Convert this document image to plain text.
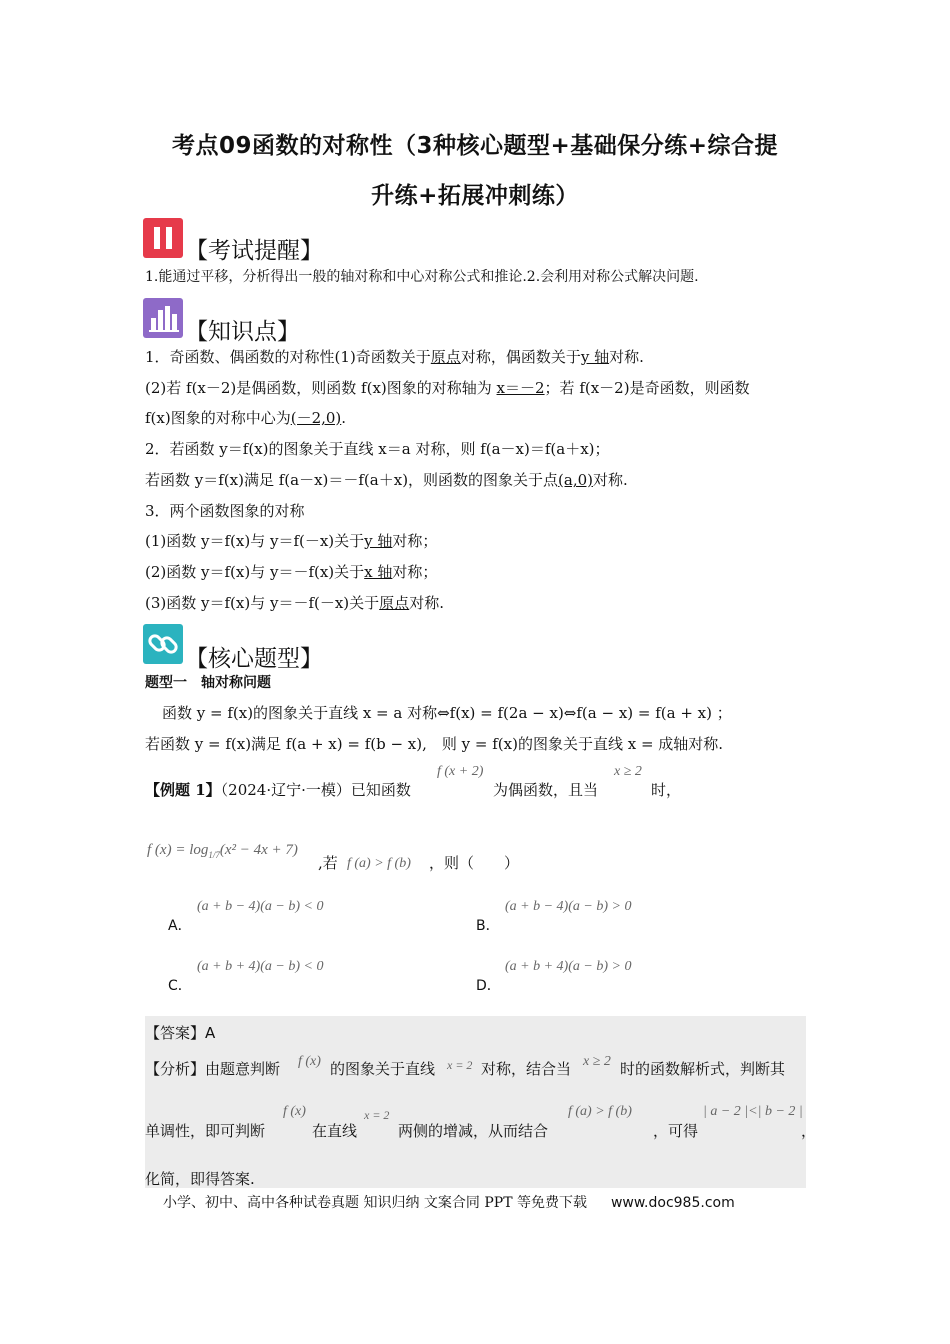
考点09函数的对称性（3种核心题型+基础保分练+综合提
升练+拓展冲刺练）
【考试提醒】
1.能通过平移，分析得出一般的轴对称和中心对称公式和推论.2.会利用对称公式解决问题.
【知识点】
1．奇函数、偶函数的对称性(1)奇函数关于原点对称，偶函数关于y 轴对称.
(2)若 f(x－2)是偶函数，则函数 f(x)图象的对称轴为 x＝－2；若 f(x－2)是奇函数，则函数
f(x)图象的对称中心为(－2,0).
2．若函数 y＝f(x)的图象关于直线 x＝a 对称，则 f(a－x)＝f(a＋x)；
若函数 y＝f(x)满足 f(a－x)＝－f(a＋x)，则函数的图象关于点(a,0)对称.
3．两个函数图象的对称
(1)函数 y＝f(x)与 y＝f(－x)关于y 轴对称；
(2)函数 y＝f(x)与 y＝－f(x)关于x 轴对称；
(3)函数 y＝f(x)与 y＝－f(－x)关于原点对称.
【核心题型】
题型一　轴对称问题
函数 y = f(x)的图象关于直线 x = a 对称⇔f(x) = f(2a − x)⇔f(a − x) = f(a + x) ；
若函数 y = f(x)满足 f(a + x) = f(b − x),　则 y = f(x)的图象关于直线 x = 成轴对称.
【例题 1】（2024·辽宁·一模）已知函数
f (x + 2)
为偶函数，且当
x ≥ 2
时，
f $(x) = \log_{1/7}(x^2 - 4x + 7)$
,若 f (a) > f (b) ，则（　　）
A．
(a + b − 4)(a − b) < 0
B．
(a + b − 4)(a − b) > 0
C．
(a + b + 4)(a − b) < 0
D．
(a + b + 4)(a − b) > 0
【答案】A
【分析】由题意判断 f (x) 的图象关于直线 x = 2 对称，结合当 x ≥ 2 时的函数解析式，判断其
单调性，即可判断
f (x)
在直线
x = 2
两侧的增减，从而结合
f (a) > f (b)
，可得
| a − 2 |<| b − 2 |
，
化简，即得答案.
小学、初中、高中各种试卷真题 知识归纳 文案合同 PPT 等免费下载 www.doc985.com
